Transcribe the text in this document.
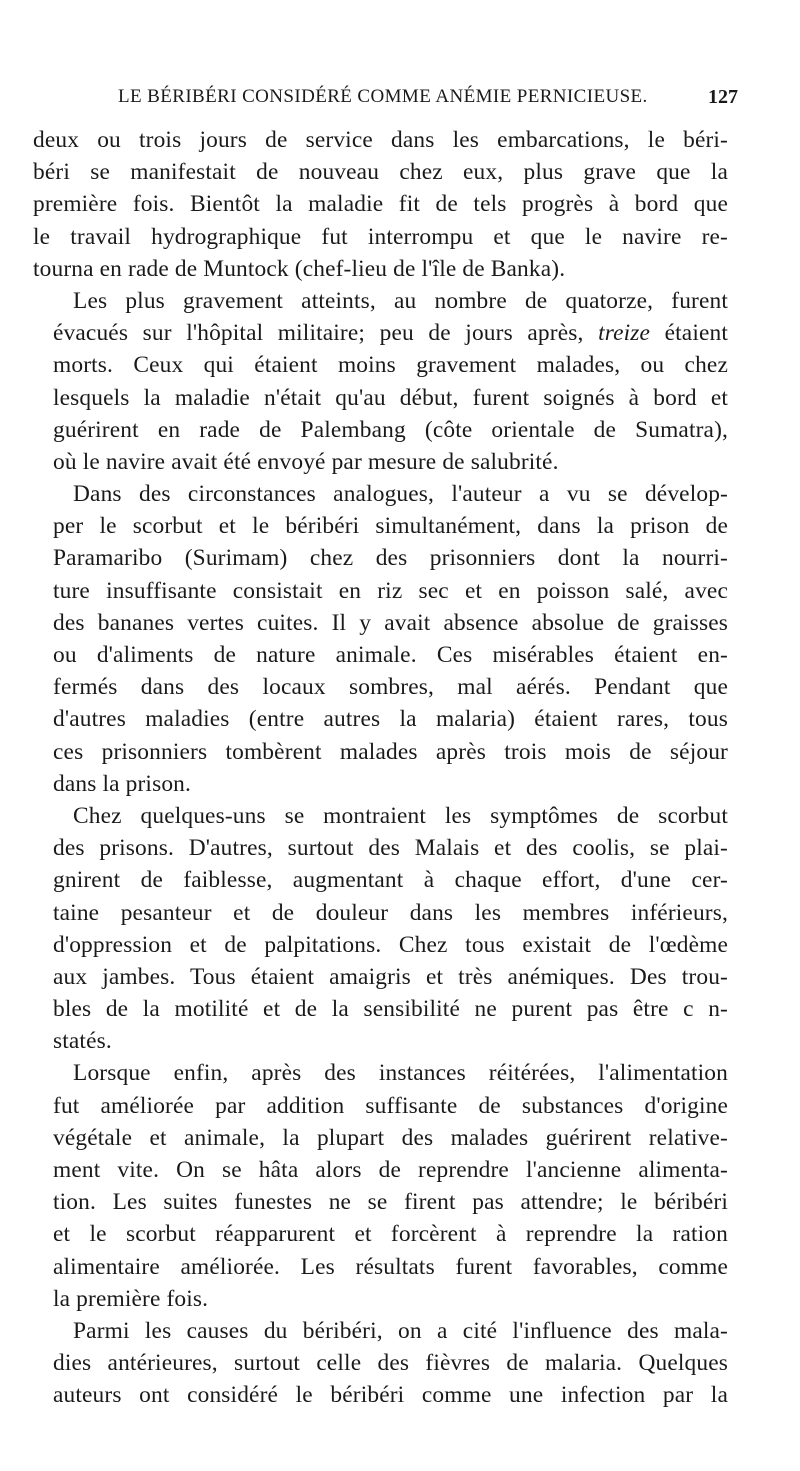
LE BÉRIBÉRI CONSIDÉRÉ COMME ANÉMIE PERNICIEUSE.	127
deux ou trois jours de service dans les embarcations, le béri-
béri se manifestait de nouveau chez eux, plus grave que la
première fois. Bientôt la maladie fit de tels progrès à bord que
le travail hydrographique fut interrompu et que le navire re-
tourna en rade de Muntock (chef-lieu de l'île de Banka).
Les plus gravement atteints, au nombre de quatorze, furent
évacués sur l'hôpital militaire; peu de jours après, treize étaient
morts. Ceux qui étaient moins gravement malades, ou chez
lesquels la maladie n'était qu'au début, furent soignés à bord et
guérirent en rade de Palembang (côte orientale de Sumatra),
où le navire avait été envoyé par mesure de salubrité.
Dans des circonstances analogues, l'auteur a vu se dévelop-
per le scorbut et le béribéri simultanément, dans la prison de
Paramaribo (Surimam) chez des prisonniers dont la nourri-
ture insuffisante consistait en riz sec et en poisson salé, avec
des bananes vertes cuites. Il y avait absence absolue de graisses
ou d'aliments de nature animale. Ces misérables étaient en-
fermés dans des locaux sombres, mal aérés. Pendant que
d'autres maladies (entre autres la malaria) étaient rares, tous
ces prisonniers tombèrent malades après trois mois de séjour
dans la prison.
Chez quelques-uns se montraient les symptômes de scorbut
des prisons. D'autres, surtout des Malais et des coolis, se plai-
gnirent de faiblesse, augmentant à chaque effort, d'une cer-
taine pesanteur et de douleur dans les membres inférieurs,
d'oppression et de palpitations. Chez tous existait de l'œdème
aux jambes. Tous étaient amaigris et très anémiques. Des trou-
bles de la motilité et de la sensibilité ne purent pas être c n-
statés.
Lorsque enfin, après des instances réitérées, l'alimentation
fut améliorée par addition suffisante de substances d'origine
végétale et animale, la plupart des malades guérirent relative-
ment vite. On se hâta alors de reprendre l'ancienne alimenta-
tion. Les suites funestes ne se firent pas attendre; le béribéri
et le scorbut réapparurent et forcèrent à reprendre la ration
alimentaire améliorée. Les résultats furent favorables, comme
la première fois.
Parmi les causes du béribéri, on a cité l'influence des mala-
dies antérieures, surtout celle des fièvres de malaria. Quelques
auteurs ont considéré le béribéri comme une infection par la
